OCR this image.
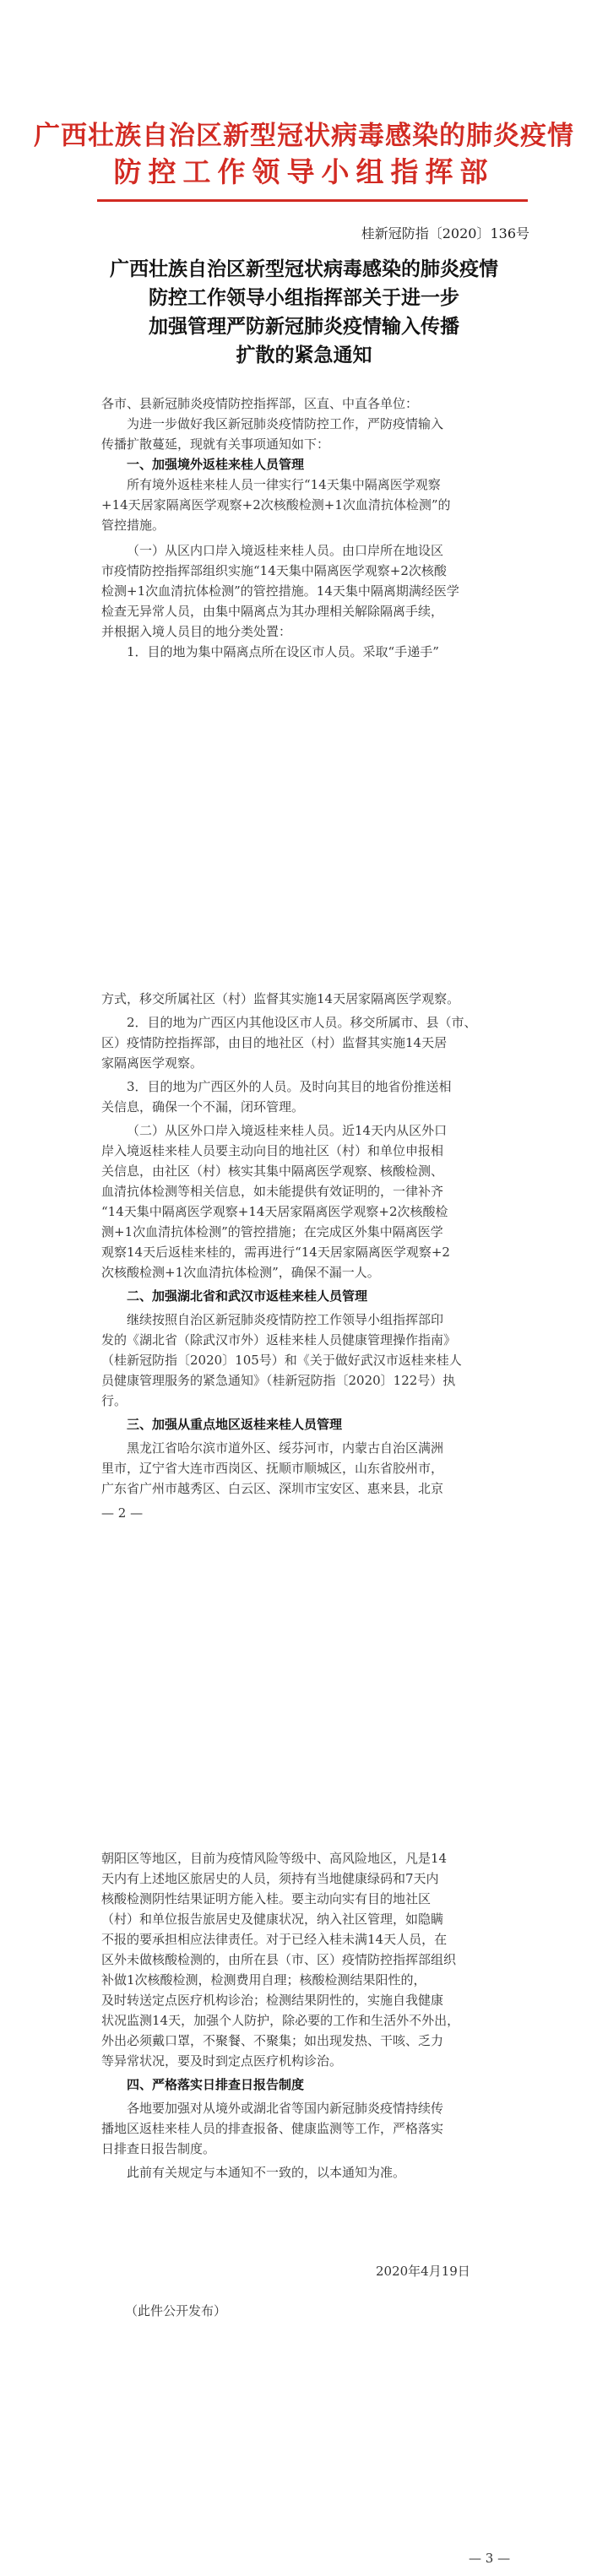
广西壮族自治区新型冠状病毒感染的肺炎疫情
防控工作领导小组指挥部
桂新冠防指〔2020〕136号
广西壮族自治区新型冠状病毒感染的肺炎疫情
防控工作领导小组指挥部关于进一步
加强管理严防新冠肺炎疫情输入传播
扩散的紧急通知
各市、县新冠肺炎疫情防控指挥部，区直、中直各单位：
为进一步做好我区新冠肺炎疫情防控工作，严防疫情输入
传播扩散蔓延，现就有关事项通知如下：
一、加强境外返桂来桂人员管理
所有境外返桂来桂人员一律实行“14天集中隔离医学观察
+14天居家隔离医学观察+2次核酸检测+1次血清抗体检测”的
管控措施。
（一）从区内口岸入境返桂来桂人员。由口岸所在地设区
市疫情防控指挥部组织实施“14天集中隔离医学观察+2次核酸
检测+1次血清抗体检测”的管控措施。14天集中隔离期满经医学
检查无异常人员，由集中隔离点为其办理相关解除隔离手续，
并根据入境人员目的地分类处置：
1．目的地为集中隔离点所在设区市人员。采取“手递手”
方式，移交所属社区（村）监督其实施14天居家隔离医学观察。
2．目的地为广西区内其他设区市人员。移交所属市、县（市、
区）疫情防控指挥部，由目的地社区（村）监督其实施14天居
家隔离医学观察。
3．目的地为广西区外的人员。及时向其目的地省份推送相
关信息，确保一个不漏，闭环管理。
（二）从区外口岸入境返桂来桂人员。近14天内从区外口
岸入境返桂来桂人员要主动向目的地社区（村）和单位申报相
关信息，由社区（村）核实其集中隔离医学观察、核酸检测、
血清抗体检测等相关信息，如未能提供有效证明的，一律补齐
“14天集中隔离医学观察+14天居家隔离医学观察+2次核酸检
测+1次血清抗体检测”的管控措施；在完成区外集中隔离医学
观察14天后返桂来桂的，需再进行“14天居家隔离医学观察+2
次核酸检测+1次血清抗体检测”，确保不漏一人。
二、加强湖北省和武汉市返桂来桂人员管理
继续按照自治区新冠肺炎疫情防控工作领导小组指挥部印
发的《湖北省（除武汉市外）返桂来桂人员健康管理操作指南》
（桂新冠防指〔2020〕105号）和《关于做好武汉市返桂来桂人
员健康管理服务的紧急通知》（桂新冠防指〔2020〕122号）执
行。
三、加强从重点地区返桂来桂人员管理
黑龙江省哈尔滨市道外区、绥芬河市，内蒙古自治区满洲
里市，辽宁省大连市西岗区、抚顺市顺城区，山东省胶州市，
广东省广州市越秀区、白云区、深圳市宝安区、惠来县，北京
— 2 —
朝阳区等地区，目前为疫情风险等级中、高风险地区，凡是14
天内有上述地区旅居史的人员，须持有当地健康绿码和7天内
核酸检测阴性结果证明方能入桂。要主动向实有目的地社区
（村）和单位报告旅居史及健康状况，纳入社区管理，如隐瞒
不报的要承担相应法律责任。对于已经入桂未满14天人员，在
区外未做核酸检测的，由所在县（市、区）疫情防控指挥部组织
补做1次核酸检测，检测费用自理；核酸检测结果阳性的，
及时转送定点医疗机构诊治；检测结果阴性的，实施自我健康
状况监测14天，加强个人防护，除必要的工作和生活外不外出，
外出必须戴口罩，不聚餐、不聚集；如出现发热、干咳、乏力
等异常状况，要及时到定点医疗机构诊治。
四、严格落实日排查日报告制度
各地要加强对从境外或湖北省等国内新冠肺炎疫情持续传
播地区返桂来桂人员的排查报备、健康监测等工作，严格落实
日排查日报告制度。
此前有关规定与本通知不一致的，以本通知为准。
2020年4月19日
（此件公开发布）
— 3 —
